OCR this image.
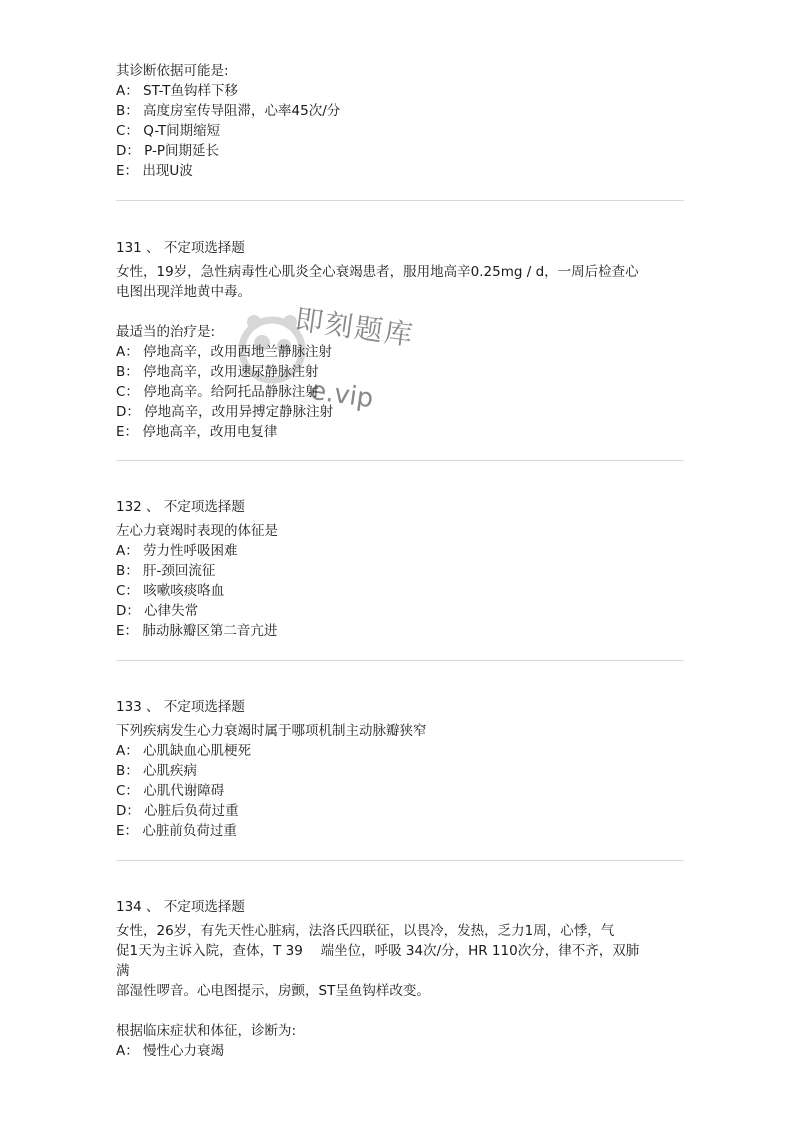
即刻题库
e.vip
其诊断依据可能是:
A： ST-T鱼钩样下移
B： 高度房室传导阻滞，心率45次/分
C： Q-T间期缩短
D： P-P间期延长
E： 出现U波
131 、 不定项选择题
女性，19岁，急性病毒性心肌炎全心衰竭患者，服用地高辛0.25mg / d，一周后检查心
电图出现洋地黄中毒。
最适当的治疗是:
A： 停地高辛，改用西地兰静脉注射
B： 停地高辛，改用速尿静脉注射
C： 停地高辛。给阿托品静脉注射
D： 停地高辛，改用异搏定静脉注射
E： 停地高辛，改用电复律
132 、 不定项选择题
左心力衰竭时表现的体征是
A： 劳力性呼吸困难
B： 肝-颈回流征
C： 咳嗽咳痰咯血
D： 心律失常
E： 肺动脉瓣区第二音亢进
133 、 不定项选择题
下列疾病发生心力衰竭时属于哪项机制主动脉瓣狭窄
A： 心肌缺血心肌梗死
B： 心肌疾病
C： 心肌代谢障碍
D： 心脏后负荷过重
E： 心脏前负荷过重
134 、 不定项选择题
女性，26岁，有先天性心脏病，法洛氏四联征，以畏冷，发热，乏力1周，心悸，气
促1天为主诉入院，查体，T 39 　端坐位，呼吸 34次/分，HR 110次分，律不齐，双肺
满
部湿性啰音。心电图提示，房颤，ST呈鱼钩样改变。
根据临床症状和体征，诊断为:
A： 慢性心力衰竭
